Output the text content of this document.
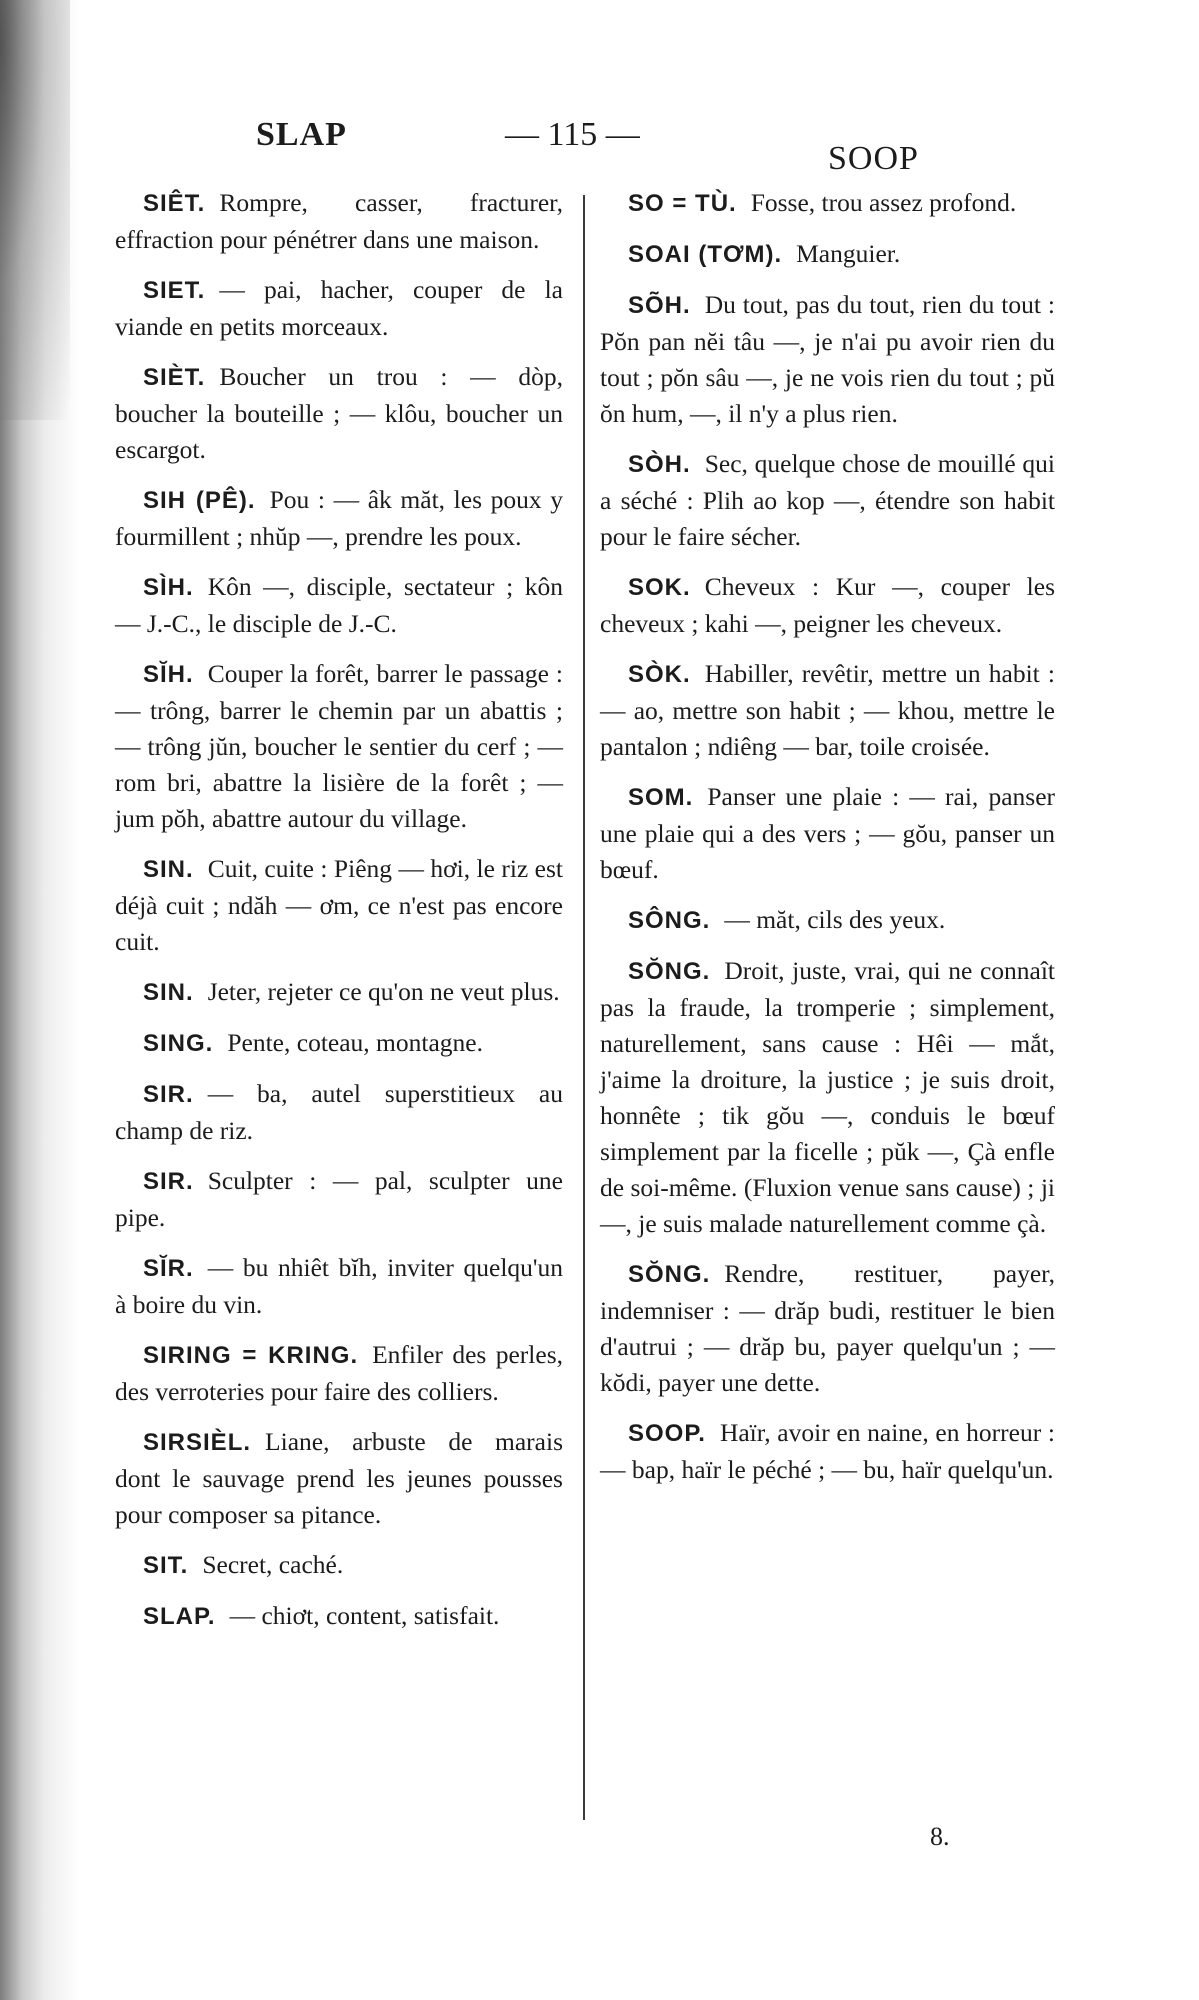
SLAP	— 115 —
SOOP

SIÊT. Rompre, casser, fracturer, effraction pour pénétrer dans une maison.

SIET. — pai, hacher, couper de la viande en petits morceaux.

SIÈT. Boucher un trou : — dòp, boucher la bouteille ; — klôu, boucher un escargot.

SIH (PÊ). Pou : — âk măt, les poux y fourmillent ; nhŭp —, prendre les poux.

SÌH. Kôn —, disciple, sectateur ; kôn — J.-C., le disciple de J.-C.

SĬH. Couper la forêt, barrer le passage : — trông, barrer le chemin par un abattis ; — trông jŭn, boucher le sentier du cerf ; — rom bri, abattre la lisière de la forêt ; — jum pŏh, abattre autour du village.

SIN. Cuit, cuite : Piêng — hơi, le riz est déjà cuit ; ndăh — ơm, ce n'est pas encore cuit.

SIN. Jeter, rejeter ce qu'on ne veut plus.

SING. Pente, coteau, montagne.

SIR. — ba, autel superstitieux au champ de riz.

SIR. Sculpter : — pal, sculpter une pipe.

SĬR. — bu nhiêt bĭh, inviter quelqu'un à boire du vin.

SIRING = KRING. Enfiler des perles, des verroteries pour faire des colliers.

SIRSIÈL. Liane, arbuste de marais dont le sauvage prend les jeunes pousses pour composer sa pitance.

SIT. Secret, caché.

SLAP. — chiơt, content, satisfait.

SO = TÙ. Fosse, trou assez profond.

SOAI (TƠM). Manguier.

SÕH. Du tout, pas du tout, rien du tout : Pŏn pan nĕi tâu —, je n'ai pu avoir rien du tout ; pŏn sâu —, je ne vois rien du tout ; pŭ ŏn hum, —, il n'y a plus rien.

SÒH. Sec, quelque chose de mouillé qui a séché : Plih ao kop —, étendre son habit pour le faire sécher.

SOK. Cheveux : Kur —, couper les cheveux ; kahi —, peigner les cheveux.

SÒK. Habiller, revêtir, mettre un habit : — ao, mettre son habit ; — khou, mettre le pantalon ; ndiêng — bar, toile croisée.

SOM. Panser une plaie : — rai, panser une plaie qui a des vers ; — gŏu, panser un bœuf.

SÔNG. — măt, cils des yeux.

SŎNG. Droit, juste, vrai, qui ne connaît pas la fraude, la tromperie ; simplement, naturellement, sans cause : Hêi — mắt, j'aime la droiture, la justice ; je suis droit, honnête ; tik gŏu —, conduis le bœuf simplement par la ficelle ; pŭk —, Çà enfle de soi-même. (Fluxion venue sans cause) ; ji —, je suis malade naturellement comme çà.

SŎNG. Rendre, restituer, payer, indemniser : — drăp budi, restituer le bien d'autrui ; — drăp bu, payer quelqu'un ; — kŏdi, payer une dette.

SOOP. Haïr, avoir en naine, en horreur : — bap, haïr le péché ; — bu, haïr quelqu'un.

8.
